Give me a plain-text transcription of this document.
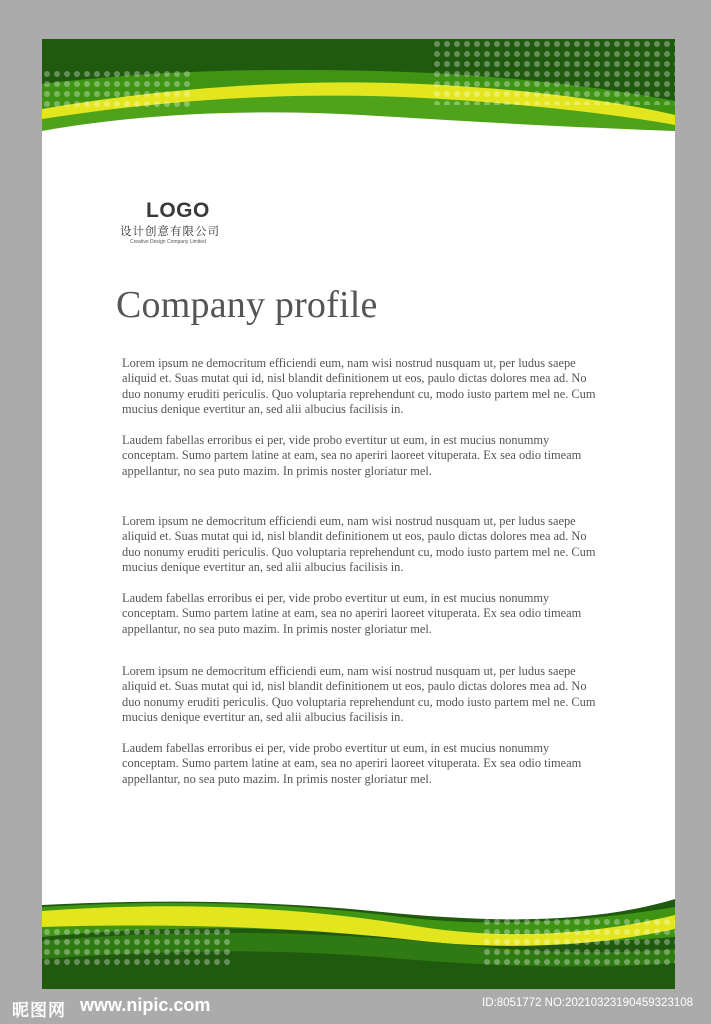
LOGO
设计创意有限公司
Creative Design Company Limited
Company profile

Lorem ipsum ne democritum efficiendi eum, nam wisi nostrud nusquam ut, per ludus saepe aliquid et. Suas mutat qui id, nisl blandit definitionem ut eos, paulo dictas dolores mea ad. No duo nonumy eruditi periculis. Quo voluptaria reprehendunt cu, modo iusto partem mel ne. Cum mucius denique evertitur an, sed alii albucius facilisis in.

Laudem fabellas erroribus ei per, vide probo evertitur ut eum, in est mucius nonummy conceptam. Sumo partem latine at eam, sea no aperiri laoreet vituperata. Ex sea odio timeam appellantur, no sea puto mazim. In primis noster gloriatur mel.

Lorem ipsum ne democritum efficiendi eum, nam wisi nostrud nusquam ut, per ludus saepe aliquid et. Suas mutat qui id, nisl blandit definitionem ut eos, paulo dictas dolores mea ad. No duo nonumy eruditi periculis. Quo voluptaria reprehendunt cu, modo iusto partem mel ne. Cum mucius denique evertitur an, sed alii albucius facilisis in.

Laudem fabellas erroribus ei per, vide probo evertitur ut eum, in est mucius nonummy conceptam. Sumo partem latine at eam, sea no aperiri laoreet vituperata. Ex sea odio timeam appellantur, no sea puto mazim. In primis noster gloriatur mel.

Lorem ipsum ne democritum efficiendi eum, nam wisi nostrud nusquam ut, per ludus saepe aliquid et. Suas mutat qui id, nisl blandit definitionem ut eos, paulo dictas dolores mea ad. No duo nonumy eruditi periculis. Quo voluptaria reprehendunt cu, modo iusto partem mel ne. Cum mucius denique evertitur an, sed alii albucius facilisis in.

Laudem fabellas erroribus ei per, vide probo evertitur ut eum, in est mucius nonummy conceptam. Sumo partem latine at eam, sea no aperiri laoreet vituperata. Ex sea odio timeam appellantur, no sea puto mazim. In primis noster gloriatur mel.

昵图网 www.nipic.com	ID:8051772 NO:20210323190459323108
